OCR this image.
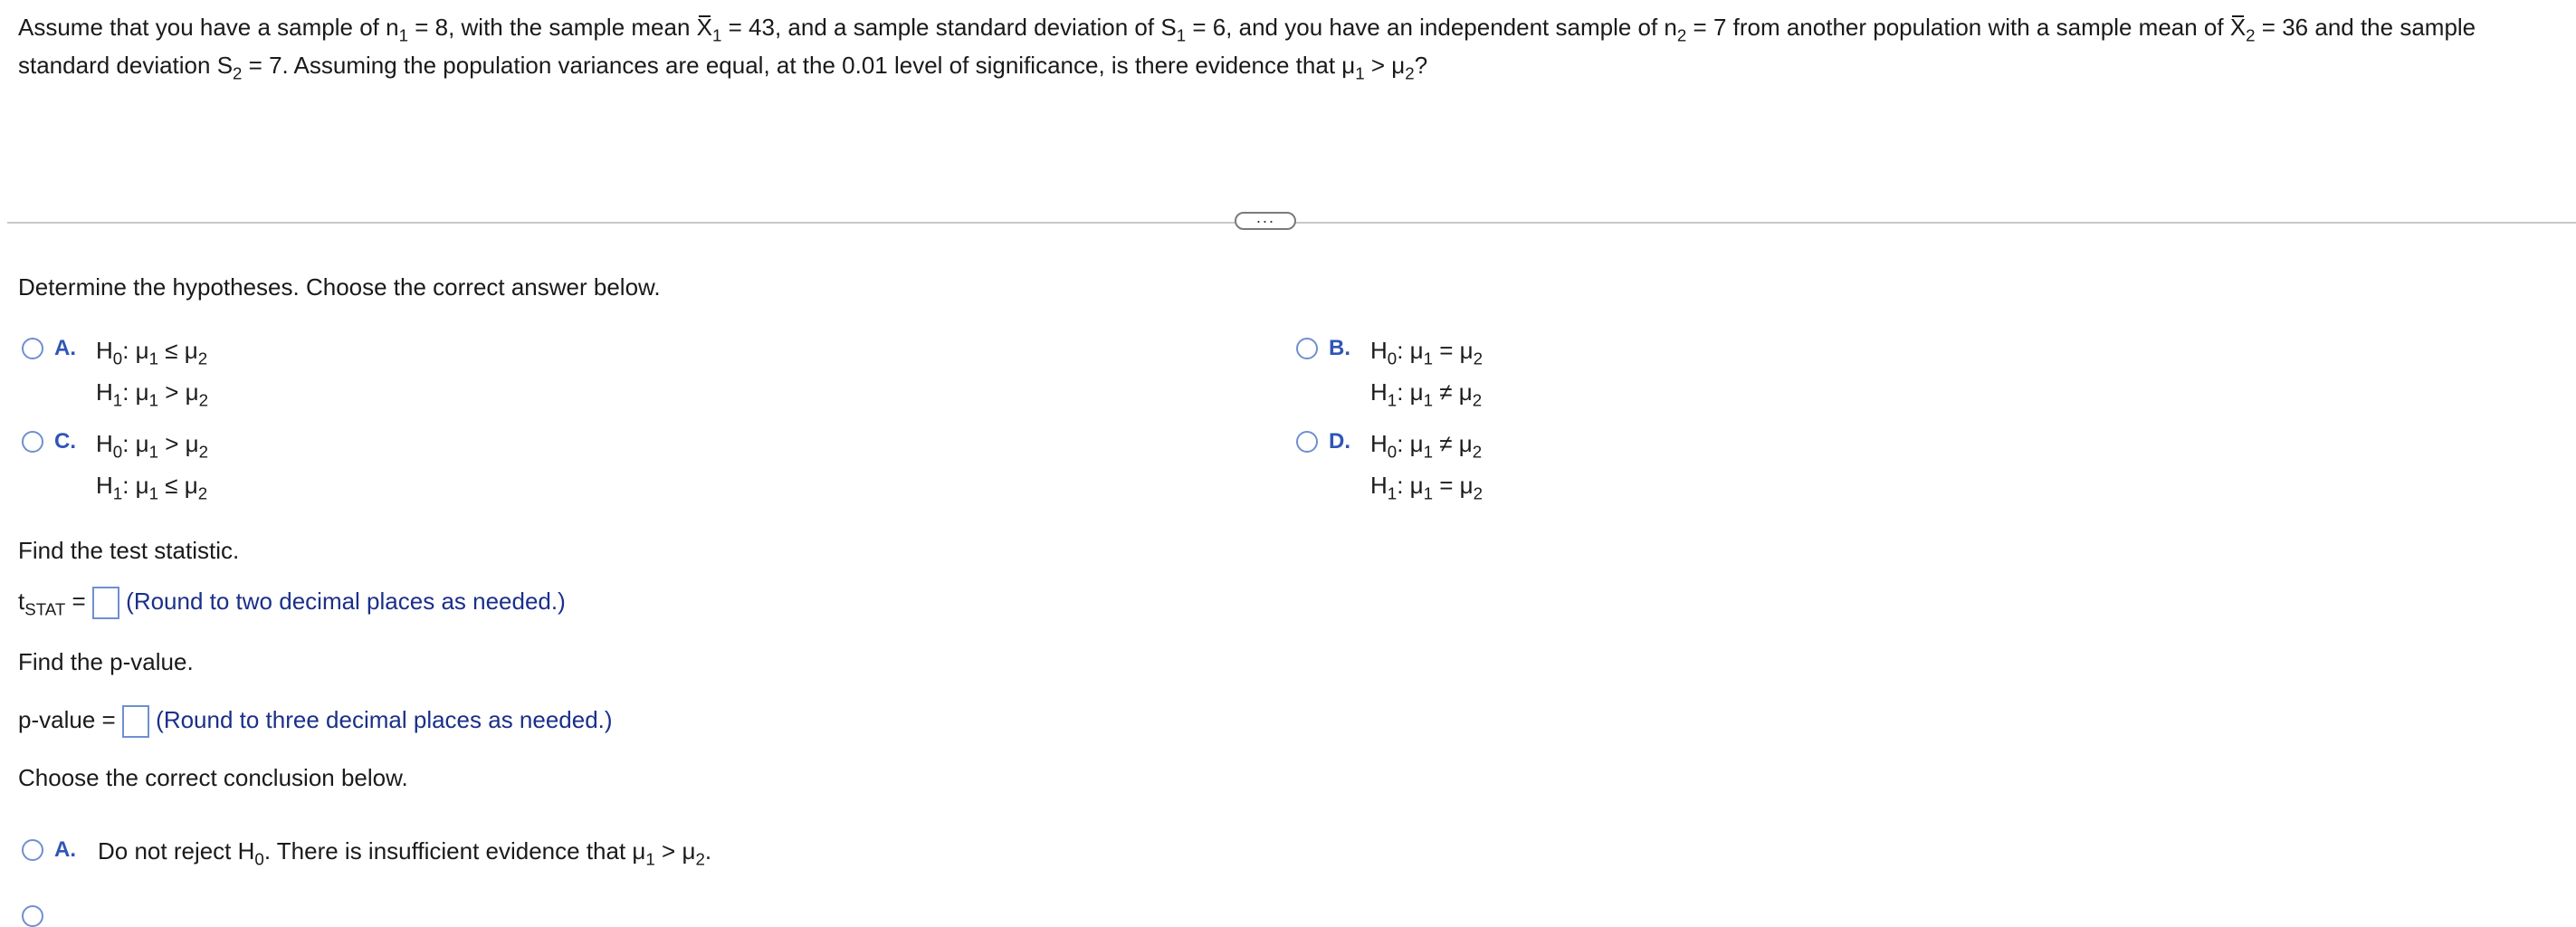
Assume that you have a sample of $n_1 = 8$, with the sample mean $X_1 = 43$, and a sample standard deviation of $S_1 = 6$, and you have an independent sample of $n_2 = 7$ from another population with a sample mean of $X_2 = 36$ and the sample
standard deviation $S_2 = 7$. Assuming the population variances are equal, at the 0.01 level of significance, is there evidence that $\mu_1 > \mu_2$?
···
Determine the hypotheses. Choose the correct answer below.
A. $H_0$: $\mu_1 \le \mu_2$
$H_1$: $\mu_1 > \mu_2$
B. $H_0$: $\mu_1 = \mu_2$
$H_1$: $\mu_1 \ne \mu_2$
C. $H_0$: $\mu_1 > \mu_2$
$H_1$: $\mu_1 \le \mu_2$
D. $H_0$: $\mu_1 \ne \mu_2$
$H_1$: $\mu_1 = \mu_2$
Find the test statistic.
$t_{STAT}$ = (Round to two decimal places as needed.)
Find the p-value.
p-value = (Round to three decimal places as needed.)
Choose the correct conclusion below.
A. Do not reject $H_0$. There is insufficient evidence that $\mu_1 > \mu_2$.
